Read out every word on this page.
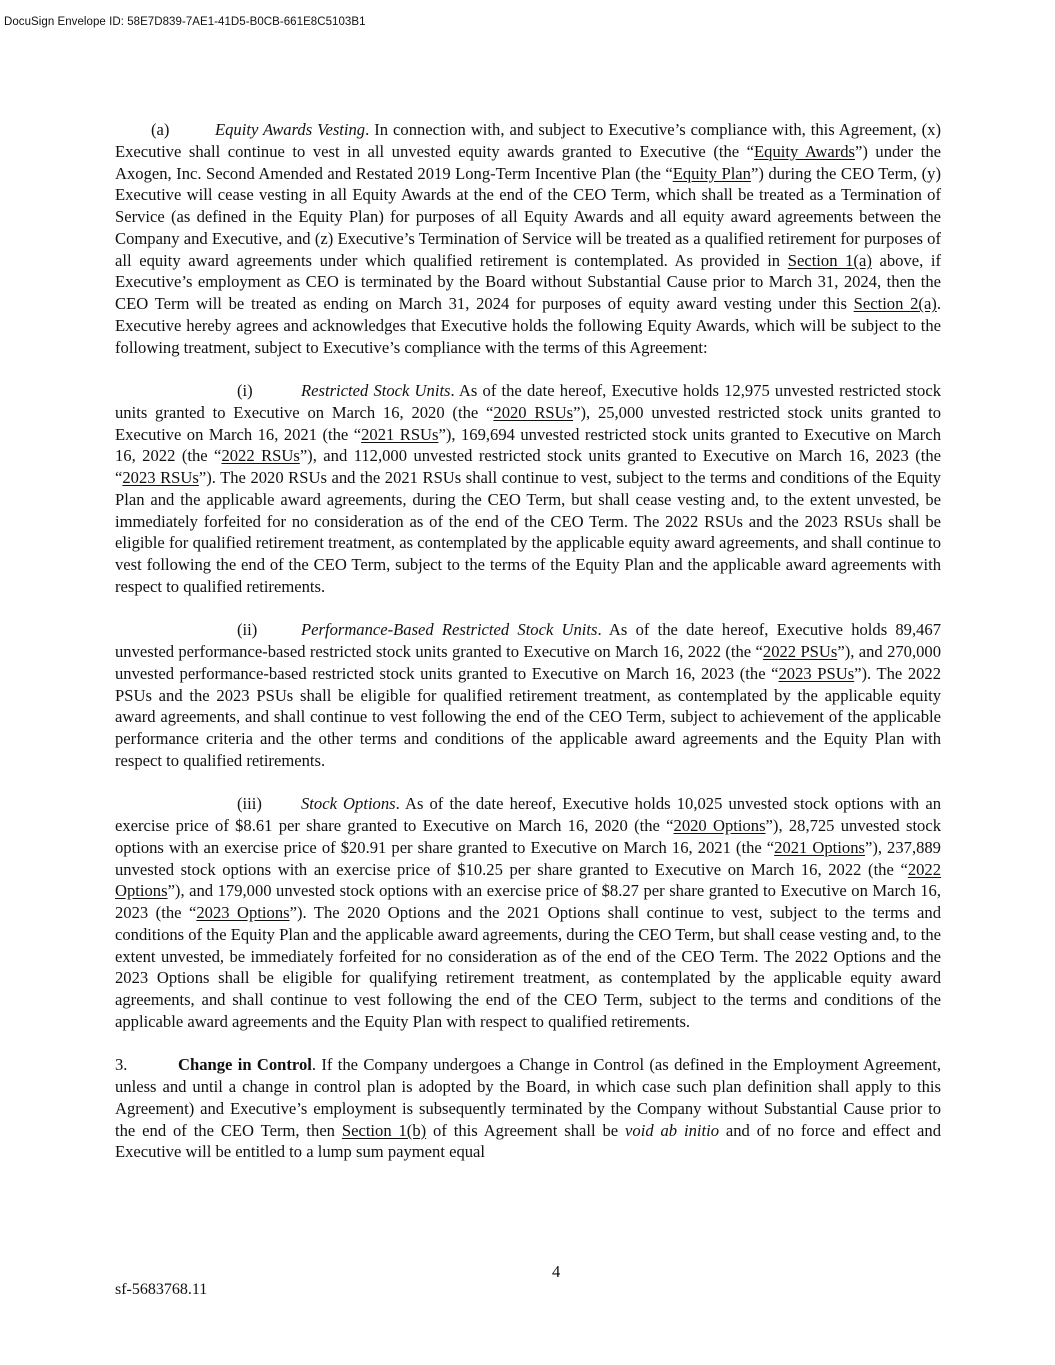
DocuSign Envelope ID: 58E7D839-7AE1-41D5-B0CB-661E8C5103B1

(a)	Equity Awards Vesting. In connection with, and subject to Executive’s compliance with, this Agreement, (x) Executive shall continue to vest in all unvested equity awards granted to Executive (the “Equity Awards”) under the Axogen, Inc. Second Amended and Restated 2019 Long-Term Incentive Plan (the “Equity Plan”) during the CEO Term, (y) Executive will cease vesting in all Equity Awards at the end of the CEO Term, which shall be treated as a Termination of Service (as defined in the Equity Plan) for purposes of all Equity Awards and all equity award agreements between the Company and Executive, and (z) Executive’s Termination of Service will be treated as a qualified retirement for purposes of all equity award agreements under which qualified retirement is contemplated. As provided in Section 1(a) above, if Executive’s employment as CEO is terminated by the Board without Substantial Cause prior to March 31, 2024, then the CEO Term will be treated as ending on March 31, 2024 for purposes of equity award vesting under this Section 2(a). Executive hereby agrees and acknowledges that Executive holds the following Equity Awards, which will be subject to the following treatment, subject to Executive’s compliance with the terms of this Agreement:

(i)	Restricted Stock Units. As of the date hereof, Executive holds 12,975 unvested restricted stock units granted to Executive on March 16, 2020 (the “2020 RSUs”), 25,000 unvested restricted stock units granted to Executive on March 16, 2021 (the “2021 RSUs”), 169,694 unvested restricted stock units granted to Executive on March 16, 2022 (the “2022 RSUs”), and 112,000 unvested restricted stock units granted to Executive on March 16, 2023 (the “2023 RSUs”). The 2020 RSUs and the 2021 RSUs shall continue to vest, subject to the terms and conditions of the Equity Plan and the applicable award agreements, during the CEO Term, but shall cease vesting and, to the extent unvested, be immediately forfeited for no consideration as of the end of the CEO Term. The 2022 RSUs and the 2023 RSUs shall be eligible for qualified retirement treatment, as contemplated by the applicable equity award agreements, and shall continue to vest following the end of the CEO Term, subject to the terms of the Equity Plan and the applicable award agreements with respect to qualified retirements.

(ii)	Performance-Based Restricted Stock Units. As of the date hereof, Executive holds 89,467 unvested performance-based restricted stock units granted to Executive on March 16, 2022 (the “2022 PSUs”), and 270,000 unvested performance-based restricted stock units granted to Executive on March 16, 2023 (the “2023 PSUs”). The 2022 PSUs and the 2023 PSUs shall be eligible for qualified retirement treatment, as contemplated by the applicable equity award agreements, and shall continue to vest following the end of the CEO Term, subject to achievement of the applicable performance criteria and the other terms and conditions of the applicable award agreements and the Equity Plan with respect to qualified retirements.

(iii) Stock Options. As of the date hereof, Executive holds 10,025 unvested stock options with an exercise price of $8.61 per share granted to Executive on March 16, 2020 (the “2020 Options”), 28,725 unvested stock options with an exercise price of $20.91 per share granted to Executive on March 16, 2021 (the “2021 Options”), 237,889 unvested stock options with an exercise price of $10.25 per share granted to Executive on March 16, 2022 (the “2022 Options”), and 179,000 unvested stock options with an exercise price of $8.27 per share granted to Executive on March 16, 2023 (the “2023 Options”). The 2020 Options and the 2021 Options shall continue to vest, subject to the terms and conditions of the Equity Plan and the applicable award agreements, during the CEO Term, but shall cease vesting and, to the extent unvested, be immediately forfeited for no consideration as of the end of the CEO Term. The 2022 Options and the 2023 Options shall be eligible for qualifying retirement treatment, as contemplated by the applicable equity award agreements, and shall continue to vest following the end of the CEO Term, subject to the terms and conditions of the applicable award agreements and the Equity Plan with respect to qualified retirements.

3.	Change in Control. If the Company undergoes a Change in Control (as defined in the Employment Agreement, unless and until a change in control plan is adopted by the Board, in which case such plan definition shall apply to this Agreement) and Executive’s employment is subsequently terminated by the Company without Substantial Cause prior to the end of the CEO Term, then Section 1(b) of this Agreement shall be void ab initio and of no force and effect and Executive will be entitled to a lump sum payment equal

4
sf-5683768.11
